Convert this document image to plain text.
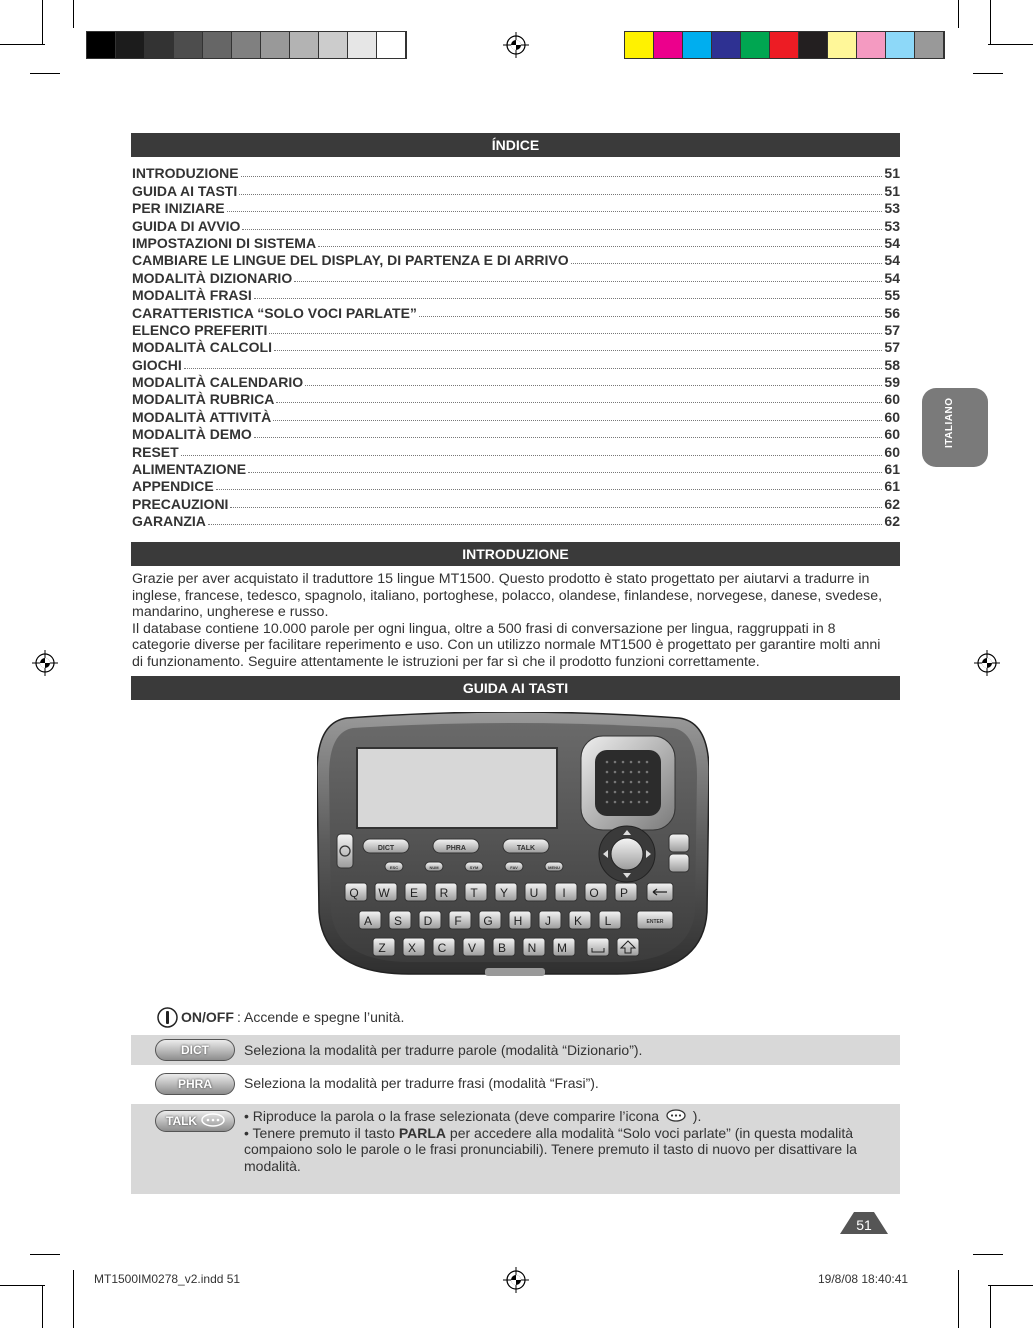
ÍNDICE
INTRODUZIONE	51
GUIDA AI TASTI	51
PER INIZIARE	53
GUIDA DI AVVIO	53
IMPOSTAZIONI DI SISTEMA	54
CAMBIARE LE LINGUE DEL DISPLAY, DI PARTENZA E DI ARRIVO	54
MODALITÀ DIZIONARIO	54
MODALITÀ FRASI	55
CARATTERISTICA “SOLO VOCI PARLATE”	56
ELENCO PREFERITI	57
MODALITÀ CALCOLI	57
GIOCHI	58
MODALITÀ CALENDARIO	59
MODALITÀ RUBRICA	60
MODALITÀ ATTIVITÀ	60
MODALITÀ DEMO	60
RESET	60
ALIMENTAZIONE	61
APPENDICE	61
PRECAUZIONI	62
GARANZIA	62
ITALIANO
INTRODUZIONE

Grazie per aver acquistato il traduttore 15 lingue MT1500. Questo prodotto è stato progettato per aiutarvi a tradurre in inglese, francese, tedesco, spagnolo, italiano, portoghese, polacco, olandese, finlandese, norvegese, danese, svedese, mandarino, ungherese e russo.

Il database contiene 10.000 parole per ogni lingua, oltre a 500 frasi di conversazione per lingua, raggruppati in 8 categorie diverse per facilitare reperimento e uso. Con un utilizzo normale MT1500 è progettato per garantire molti anni di funzionamento. Seguire attentamente le istruzioni per far sì che il prodotto funzioni correttamente.

GUIDA AI TASTI
DICT	PHRA	TALK
ESC	NUM	SYM	FAV	MENU
Q W E R T Y U I O P
A S D F G H J K L
Z X C V B N M
ENTER
ON/OFF : Accende e spegne l’unità.
DICT	Seleziona la modalità per tradurre parole (modalità “Dizionario”).
PHRA	Seleziona la modalità per tradurre frasi (modalità “Frasi”).
TALK	• Riproduce la parola o la frase selezionata (deve comparire l’icona ).
• Tenere premuto il tasto PARLA per accedere alla modalità “Solo voci parlate” (in questa modalità compaiono solo le parole o le frasi pronunciabili). Tenere premuto il tasto di nuovo per disattivare la modalità.
51
MT1500IM0278_v2.indd 51	19/8/08 18:40:41
